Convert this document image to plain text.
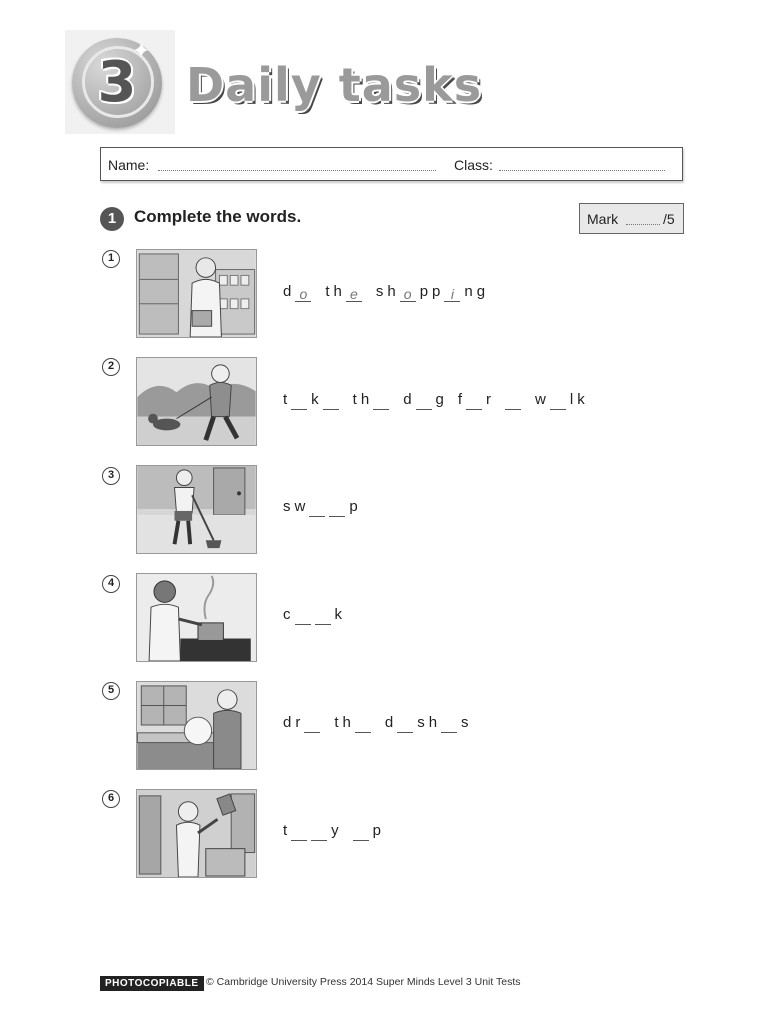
3
✦
Daily tasks
Name:	Class:
1	Complete the words.	Mark	/5
1
d o t h e s h o p p i n g
2
t k t h d g f r	w l k
3
s w	p
4
c	k
5
d r t h d s h s
6
t	y p
PHOTOCOPIABLE © Cambridge University Press 2014 Super Minds Level 3 Unit Tests
